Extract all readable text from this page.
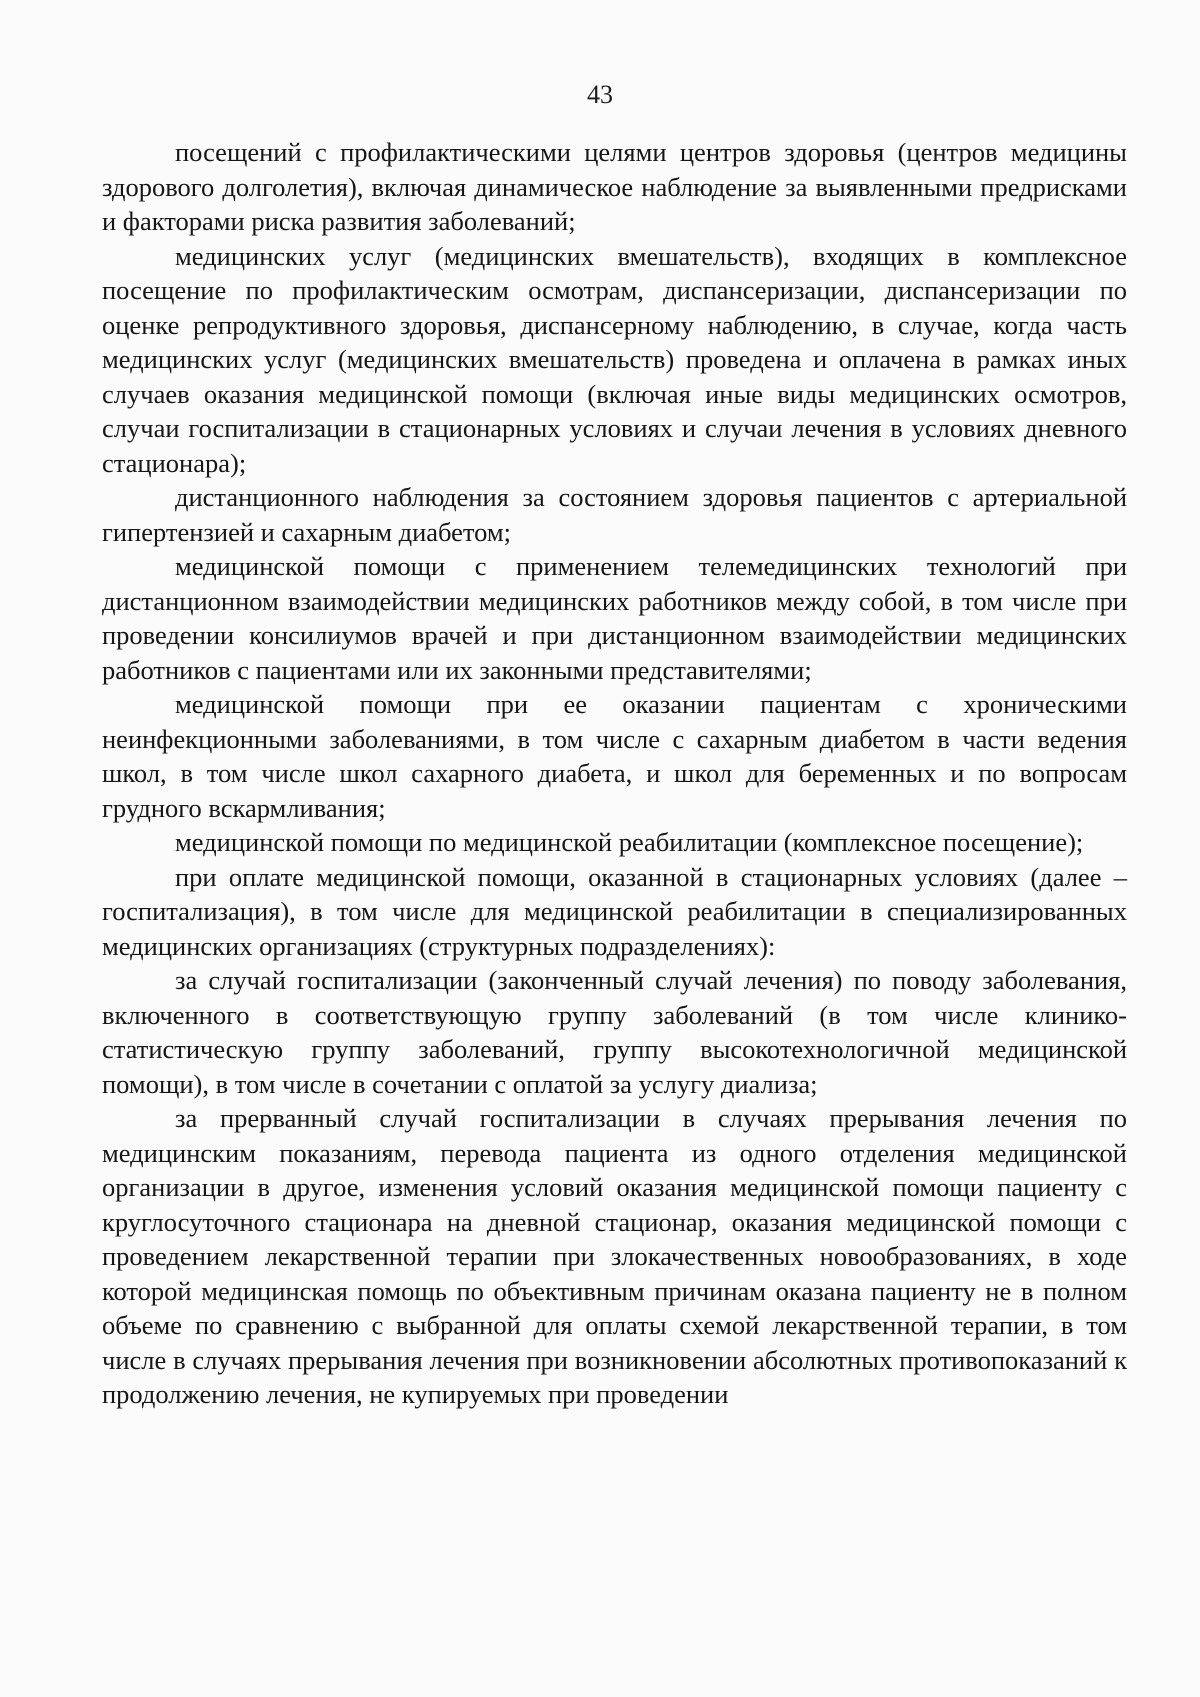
43

посещений с профилактическими целями центров здоровья (центров медицины здорового долголетия), включая динамическое наблюдение за выявленными предрисками и факторами риска развития заболеваний;

медицинских услуг (медицинских вмешательств), входящих в комплексное посещение по профилактическим осмотрам, диспансеризации, диспансеризации по оценке репродуктивного здоровья, диспансерному наблюдению, в случае, когда часть медицинских услуг (медицинских вмешательств) проведена и оплачена в рамках иных случаев оказания медицинской помощи (включая иные виды медицинских осмотров, случаи госпитализации в стационарных условиях и случаи лечения в условиях дневного стационара);

дистанционного наблюдения за состоянием здоровья пациентов с артериальной гипертензией и сахарным диабетом;

медицинской помощи с применением телемедицинских технологий при дистанционном взаимодействии медицинских работников между собой, в том числе при проведении консилиумов врачей и при дистанционном взаимодействии медицинских работников с пациентами или их законными представителями;

медицинской помощи при ее оказании пациентам с хроническими неинфекционными заболеваниями, в том числе с сахарным диабетом в части ведения школ, в том числе школ сахарного диабета, и школ для беременных и по вопросам грудного вскармливания;

медицинской помощи по медицинской реабилитации (комплексное посещение);

при оплате медицинской помощи, оказанной в стационарных условиях (далее – госпитализация), в том числе для медицинской реабилитации в специализированных медицинских организациях (структурных подразделениях):

за случай госпитализации (законченный случай лечения) по поводу заболевания, включенного в соответствующую группу заболеваний (в том числе клинико-статистическую группу заболеваний, группу высокотехнологичной медицинской помощи), в том числе в сочетании с оплатой за услугу диализа;

за прерванный случай госпитализации в случаях прерывания лечения по медицинским показаниям, перевода пациента из одного отделения медицинской организации в другое, изменения условий оказания медицинской помощи пациенту с круглосуточного стационара на дневной стационар, оказания медицинской помощи с проведением лекарственной терапии при злокачественных новообразованиях, в ходе которой медицинская помощь по объективным причинам оказана пациенту не в полном объеме по сравнению с выбранной для оплаты схемой лекарственной терапии, в том числе в случаях прерывания лечения при возникновении абсолютных противопоказаний к продолжению лечения, не купируемых при проведении
